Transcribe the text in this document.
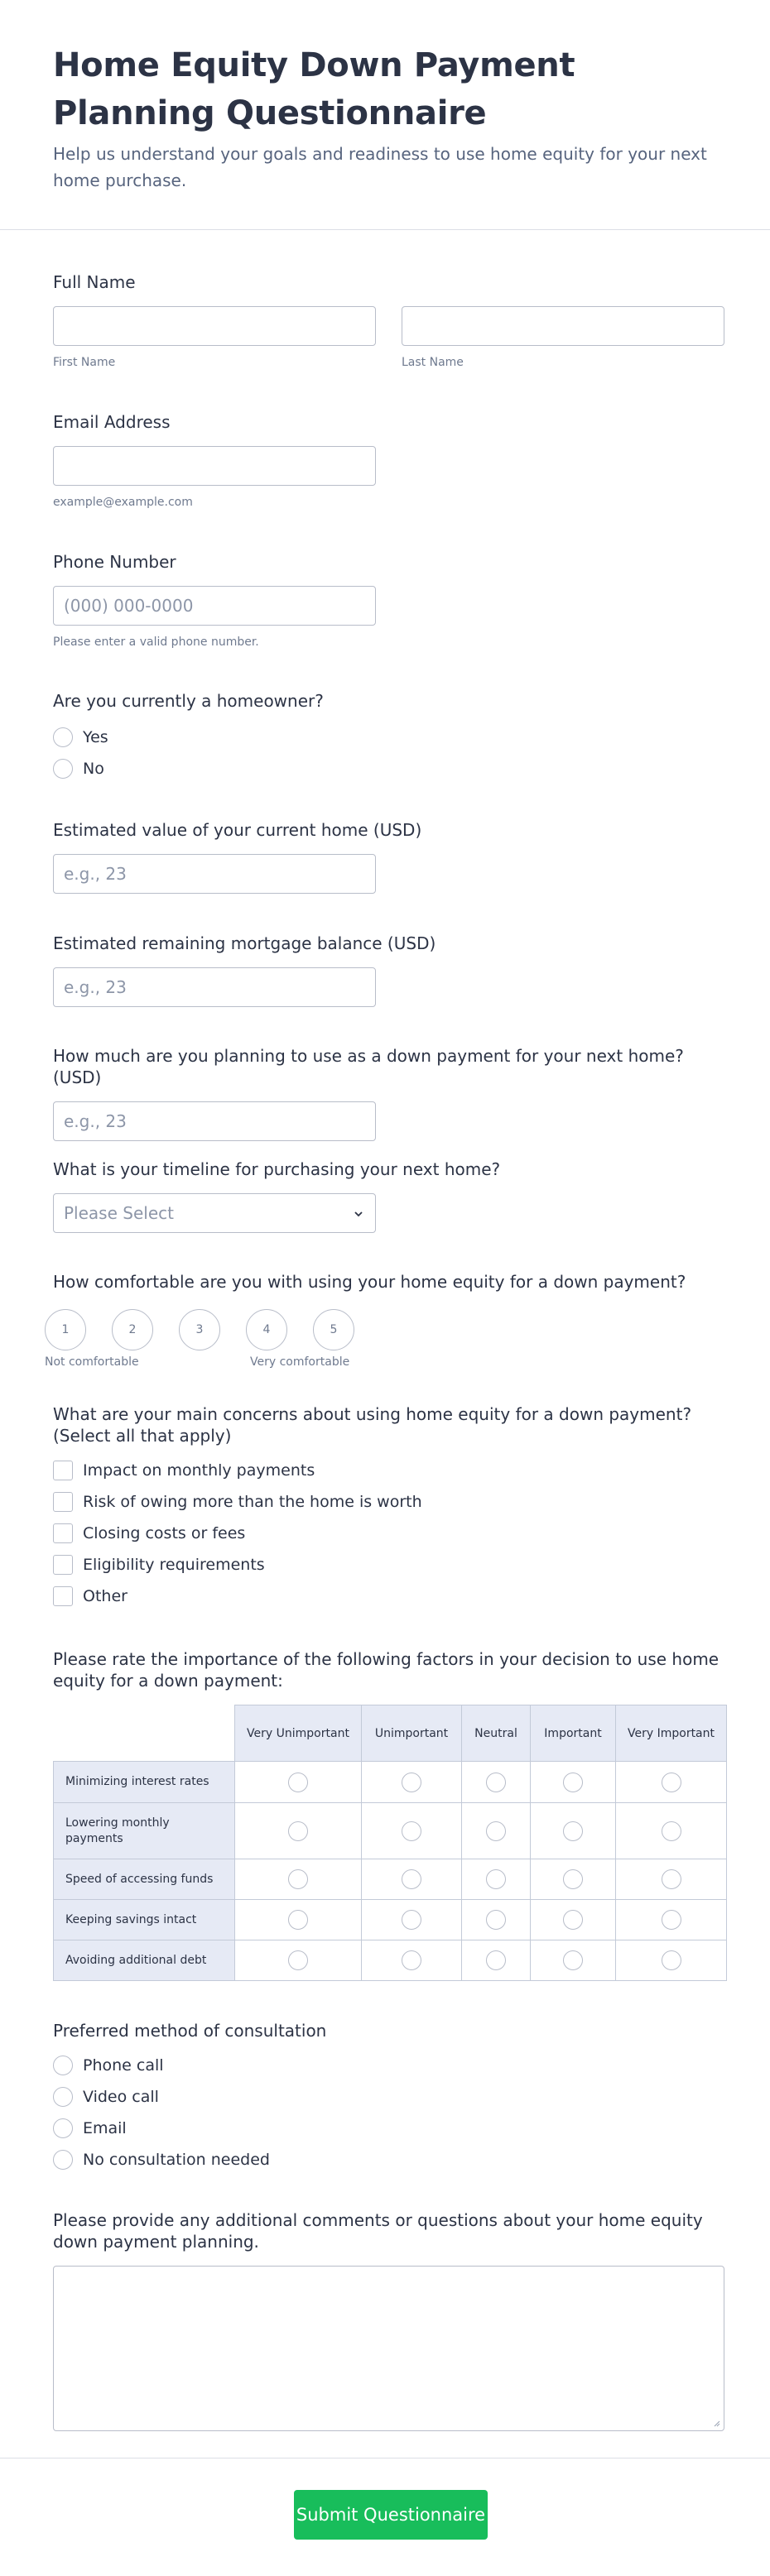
Home Equity Down Payment Planning Questionnaire

Help us understand your goals and readiness to use home equity for your next home purchase.

Full Name
First Name	Last Name
Email Address
example@example.com
Phone Number
(000) 000-0000
Please enter a valid phone number.
Are you currently a homeowner?
Yes
No
Estimated value of your current home (USD)
e.g., 23
Estimated remaining mortgage balance (USD)
e.g., 23
How much are you planning to use as a down payment for your next home? (USD)
e.g., 23
What is your timeline for purchasing your next home?
Please Select
How comfortable are you with using your home equity for a down payment?
1	2	3	4	5
Not comfortable	Very comfortable
What are your main concerns about using home equity for a down payment? (Select all that apply)
Impact on monthly payments
Risk of owing more than the home is worth
Closing costs or fees
Eligibility requirements
Other
Please rate the importance of the following factors in your decision to use home equity for a down payment:
	Very Unimportant	Unimportant	Neutral	Important	Very Important
Minimizing interest rates					
Lowering monthly payments					
Speed of accessing funds					
Keeping savings intact					
Avoiding additional debt					
Preferred method of consultation
Phone call
Video call
Email
No consultation needed
Please provide any additional comments or questions about your home equity down payment planning.
Submit Questionnaire
